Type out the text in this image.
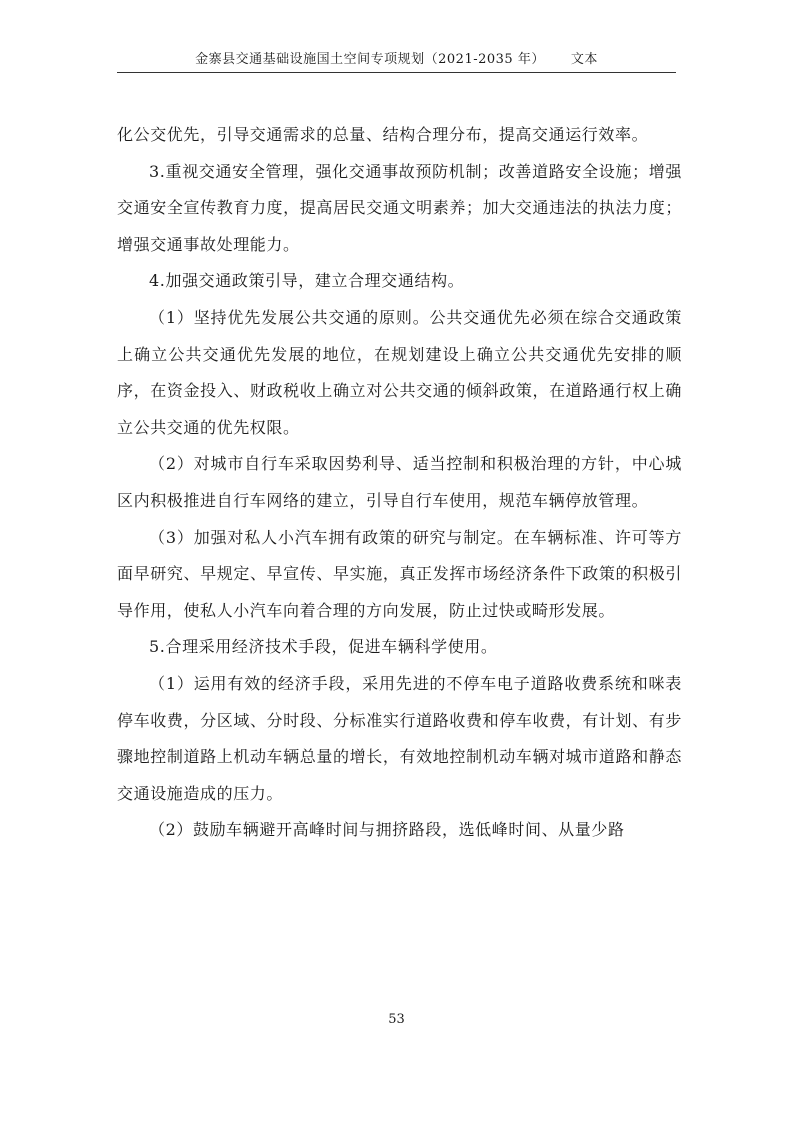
金寨县交通基础设施国土空间专项规划（2021-2035 年） 文本

化公交优先，引导交通需求的总量、结构合理分布，提高交通运行效率。

3.重视交通安全管理，强化交通事故预防机制；改善道路安全设施；增强交通安全宣传教育力度，提高居民交通文明素养；加大交通违法的执法力度；增强交通事故处理能力。

4.加强交通政策引导，建立合理交通结构。

（1）坚持优先发展公共交通的原则。公共交通优先必须在综合交通政策上确立公共交通优先发展的地位，在规划建设上确立公共交通优先安排的顺序，在资金投入、财政税收上确立对公共交通的倾斜政策，在道路通行权上确立公共交通的优先权限。

（2）对城市自行车采取因势利导、适当控制和积极治理的方针，中心城区内积极推进自行车网络的建立，引导自行车使用，规范车辆停放管理。

（3）加强对私人小汽车拥有政策的研究与制定。在车辆标准、许可等方面早研究、早规定、早宣传、早实施，真正发挥市场经济条件下政策的积极引导作用，使私人小汽车向着合理的方向发展，防止过快或畸形发展。

5.合理采用经济技术手段，促进车辆科学使用。

（1）运用有效的经济手段，采用先进的不停车电子道路收费系统和咪表停车收费，分区域、分时段、分标准实行道路收费和停车收费，有计划、有步骤地控制道路上机动车辆总量的增长，有效地控制机动车辆对城市道路和静态交通设施造成的压力。

（2）鼓励车辆避开高峰时间与拥挤路段，选低峰时间、从量少路

53
